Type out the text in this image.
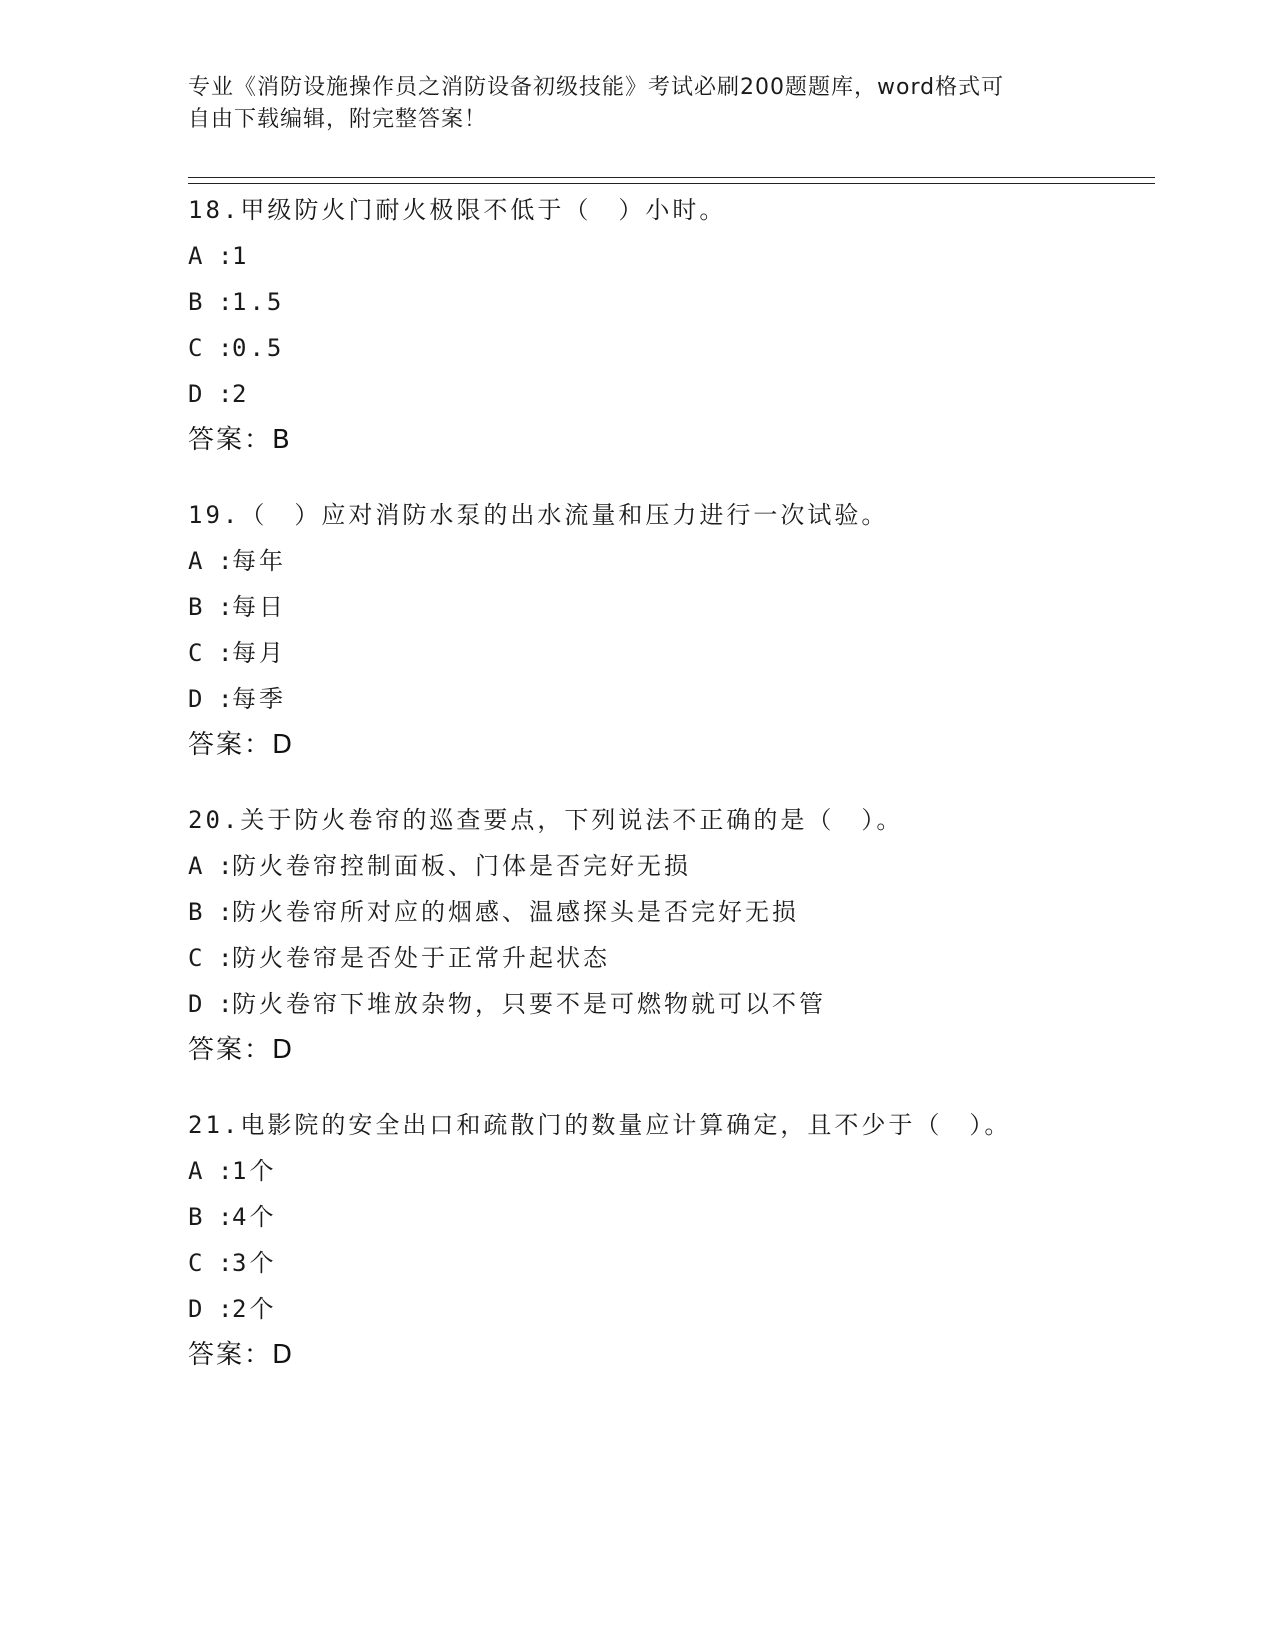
专业《消防设施操作员之消防设备初级技能》考试必刷200题题库，word格式可
自由下载编辑，附完整答案！
18.甲级防火门耐火极限不低于（　）小时。
A :1
B :1.5
C :0.5
D :2
答案：B
19.（　）应对消防水泵的出水流量和压力进行一次试验。
A :每年
B :每日
C :每月
D :每季
答案：D
20.关于防火卷帘的巡查要点，下列说法不正确的是（　）。
A :防火卷帘控制面板、门体是否完好无损
B :防火卷帘所对应的烟感、温感探头是否完好无损
C :防火卷帘是否处于正常升起状态
D :防火卷帘下堆放杂物，只要不是可燃物就可以不管
答案：D
21.电影院的安全出口和疏散门的数量应计算确定，且不少于（　）。
A :1个
B :4个
C :3个
D :2个
答案：D
